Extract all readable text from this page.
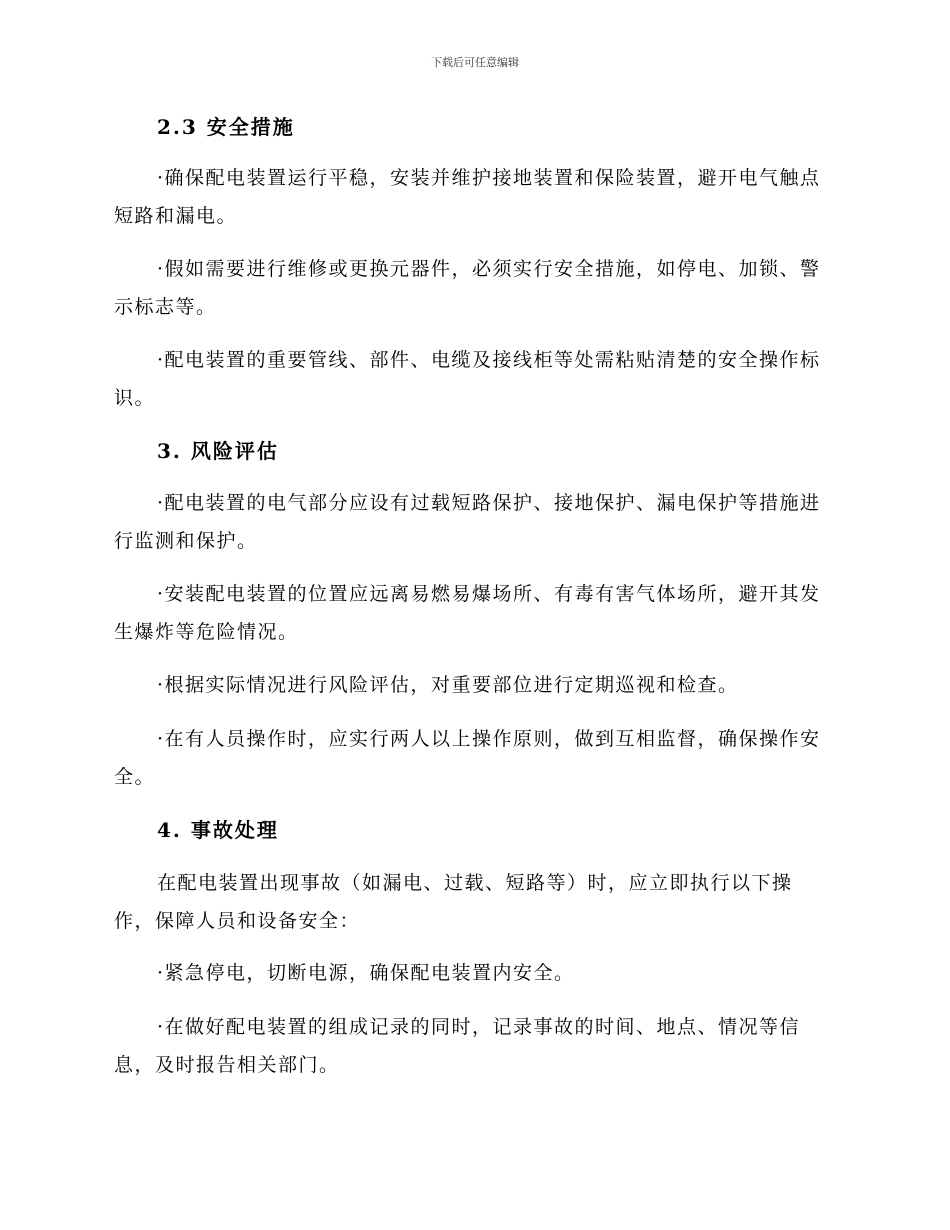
下载后可任意编辑
2.3 安全措施
·确保配电装置运行平稳，安装并维护接地装置和保险装置，避开电气触点短路和漏电。
·假如需要进行维修或更换元器件，必须实行安全措施，如停电、加锁、警示标志等。
·配电装置的重要管线、部件、电缆及接线柜等处需粘贴清楚的安全操作标识。
3. 风险评估
·配电装置的电气部分应设有过载短路保护、接地保护、漏电保护等措施进行监测和保护。
·安装配电装置的位置应远离易燃易爆场所、有毒有害气体场所，避开其发生爆炸等危险情况。
·根据实际情况进行风险评估，对重要部位进行定期巡视和检查。
·在有人员操作时，应实行两人以上操作原则，做到互相监督，确保操作安全。
4. 事故处理
在配电装置出现事故（如漏电、过载、短路等）时，应立即执行以下操作，保障人员和设备安全：
·紧急停电，切断电源，确保配电装置内安全。
·在做好配电装置的组成记录的同时，记录事故的时间、地点、情况等信息，及时报告相关部门。
